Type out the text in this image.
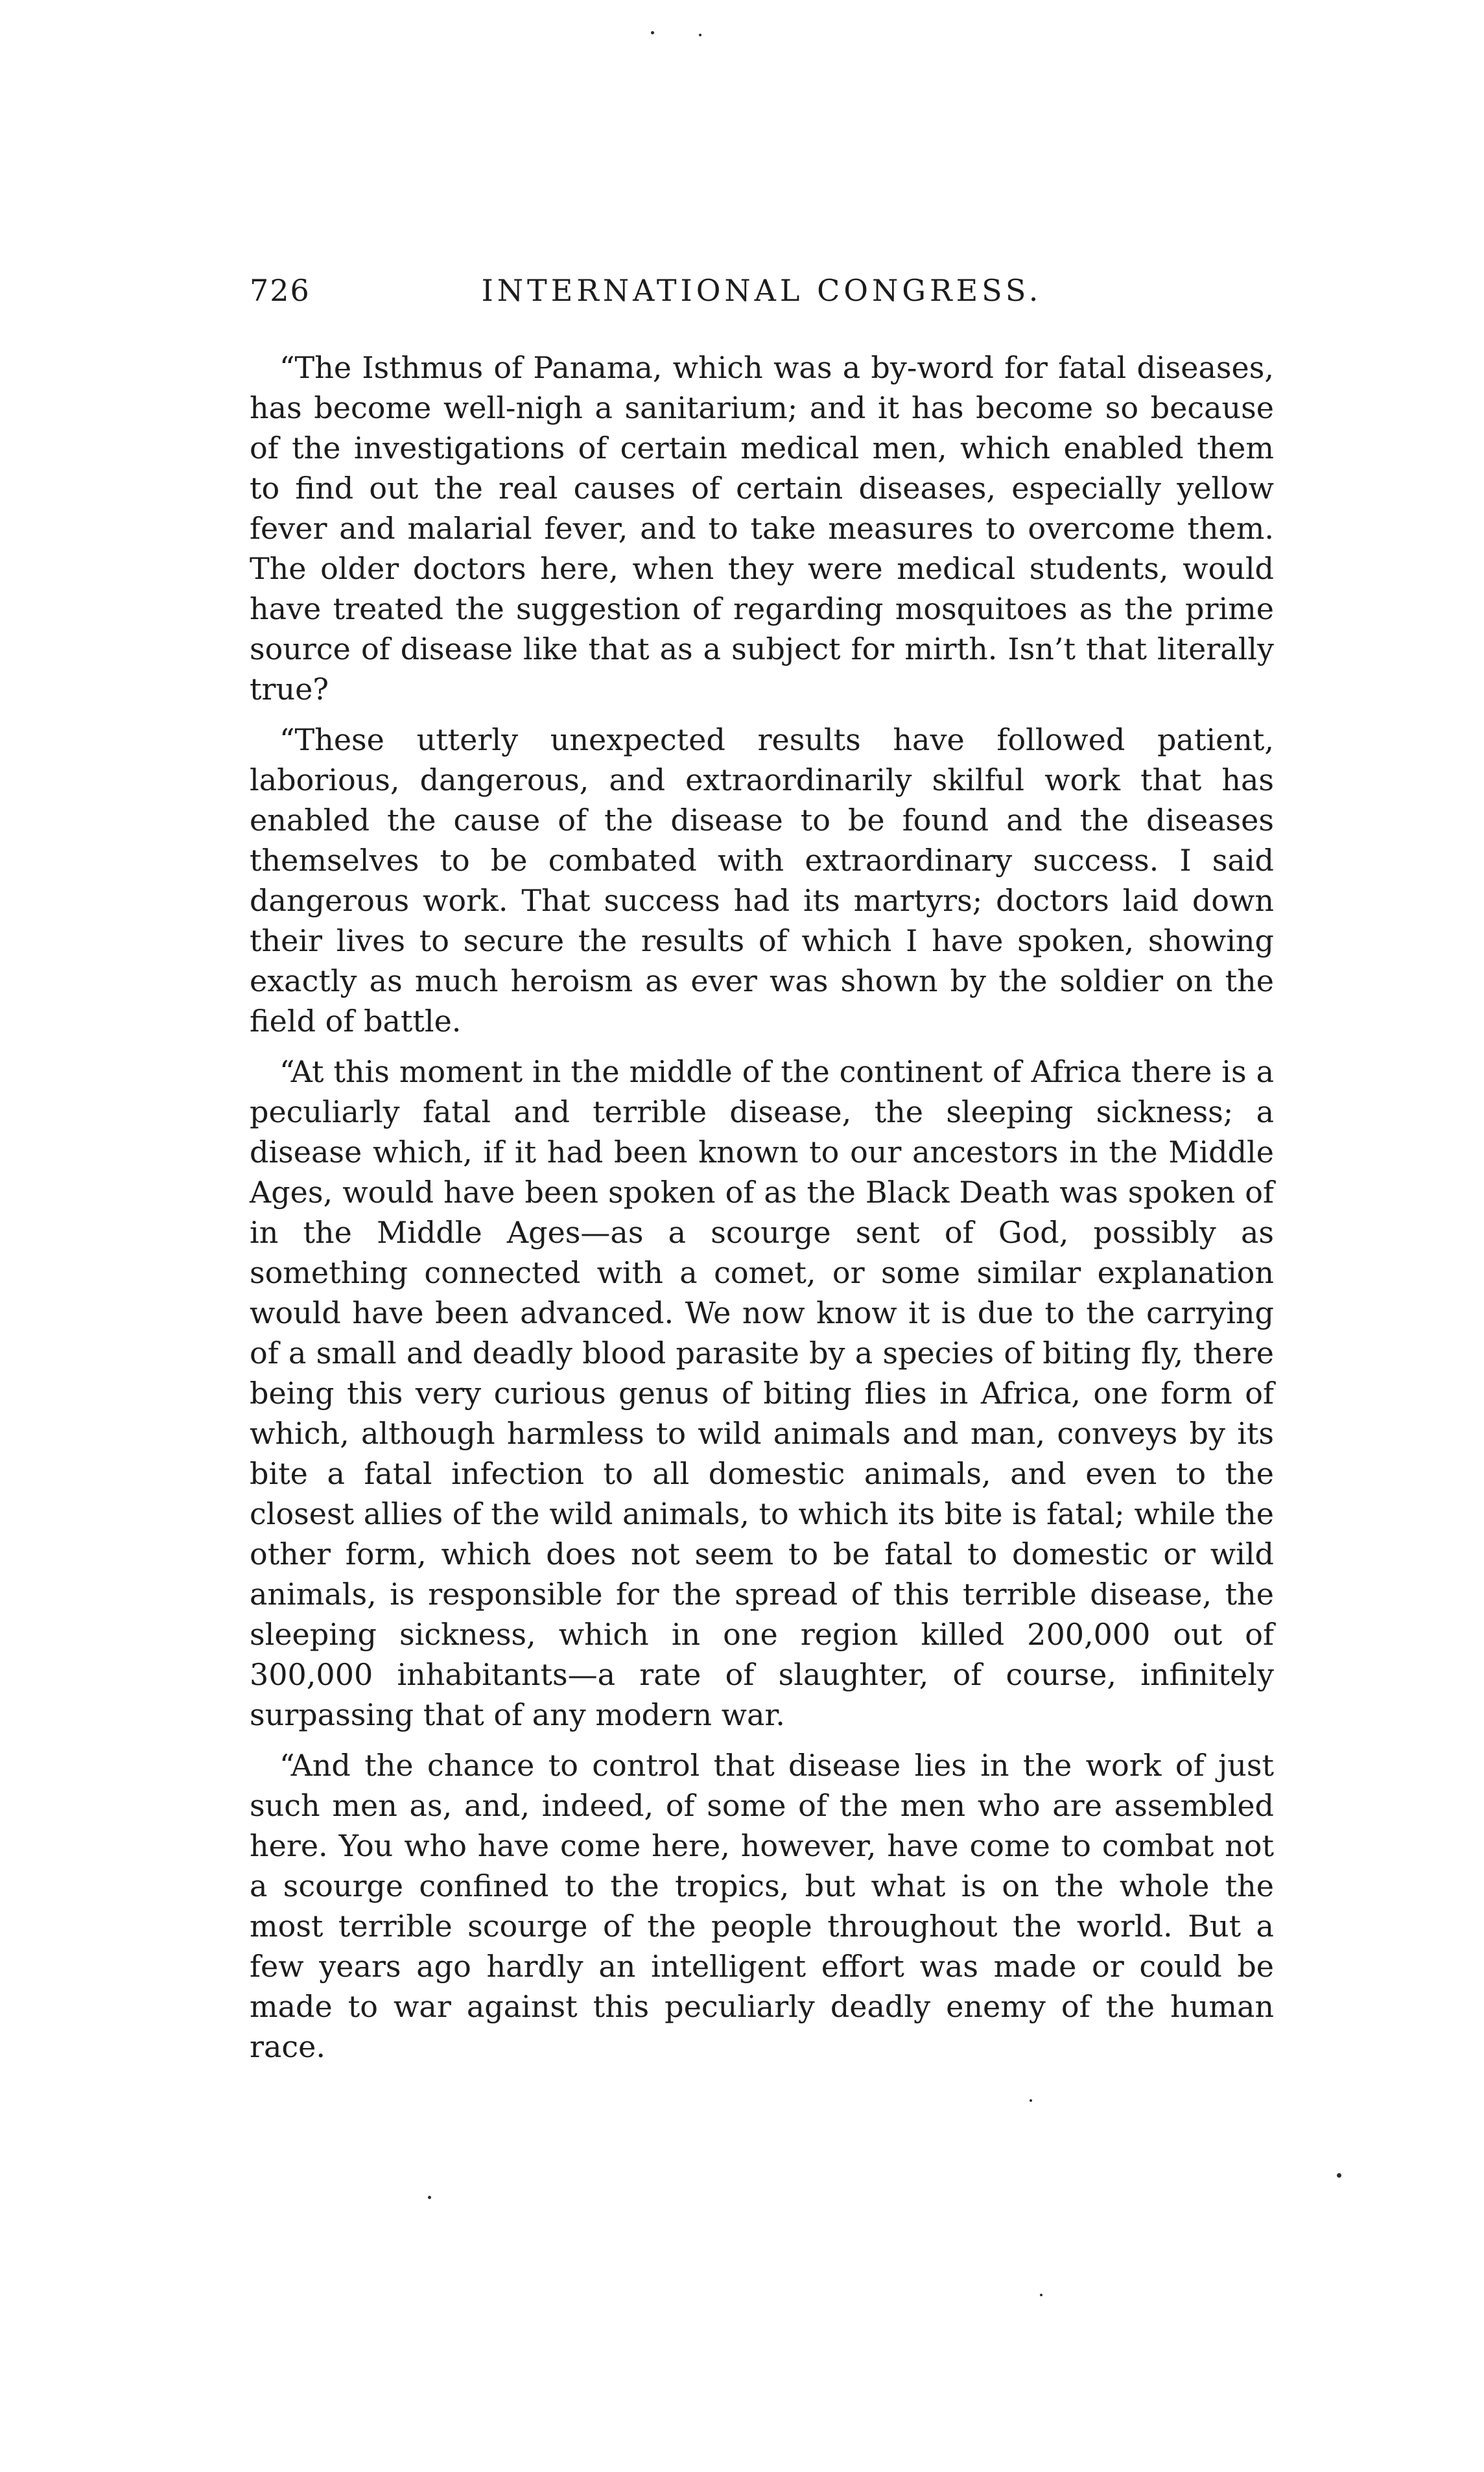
726	INTERNATIONAL CONGRESS.

“The Isthmus of Panama, which was a by-word for fatal diseases, has become well-nigh a sanitarium; and it has become so because of the investigations of certain medical men, which enabled them to find out the real causes of certain diseases, especially yellow fever and malarial fever, and to take measures to overcome them. The older doctors here, when they were medical students, would have treated the suggestion of regarding mosquitoes as the prime source of disease like that as a subject for mirth. Isn’t that literally true?

“These utterly unexpected results have followed patient, laborious, dangerous, and extraordinarily skilful work that has enabled the cause of the disease to be found and the diseases themselves to be combated with extraordinary success. I said dangerous work. That success had its martyrs; doctors laid down their lives to secure the results of which I have spoken, showing exactly as much heroism as ever was shown by the soldier on the field of battle.

“At this moment in the middle of the continent of Africa there is a peculiarly fatal and terrible disease, the sleeping sickness; a disease which, if it had been known to our ancestors in the Middle Ages, would have been spoken of as the Black Death was spoken of in the Middle Ages—as a scourge sent of God, possibly as something connected with a comet, or some similar explanation would have been advanced. We now know it is due to the carrying of a small and deadly blood parasite by a species of biting fly, there being this very curious genus of biting flies in Africa, one form of which, although harmless to wild animals and man, conveys by its bite a fatal infection to all domestic animals, and even to the closest allies of the wild animals, to which its bite is fatal; while the other form, which does not seem to be fatal to domestic or wild animals, is responsible for the spread of this terrible disease, the sleeping sickness, which in one region killed 200,000 out of 300,000 inhabitants—a rate of slaughter, of course, infinitely surpassing that of any modern war.

“And the chance to control that disease lies in the work of just such men as, and, indeed, of some of the men who are assembled here. You who have come here, however, have come to combat not a scourge confined to the tropics, but what is on the whole the most terrible scourge of the people throughout the world. But a few years ago hardly an intelligent effort was made or could be made to war against this peculiarly deadly enemy of the human race.
